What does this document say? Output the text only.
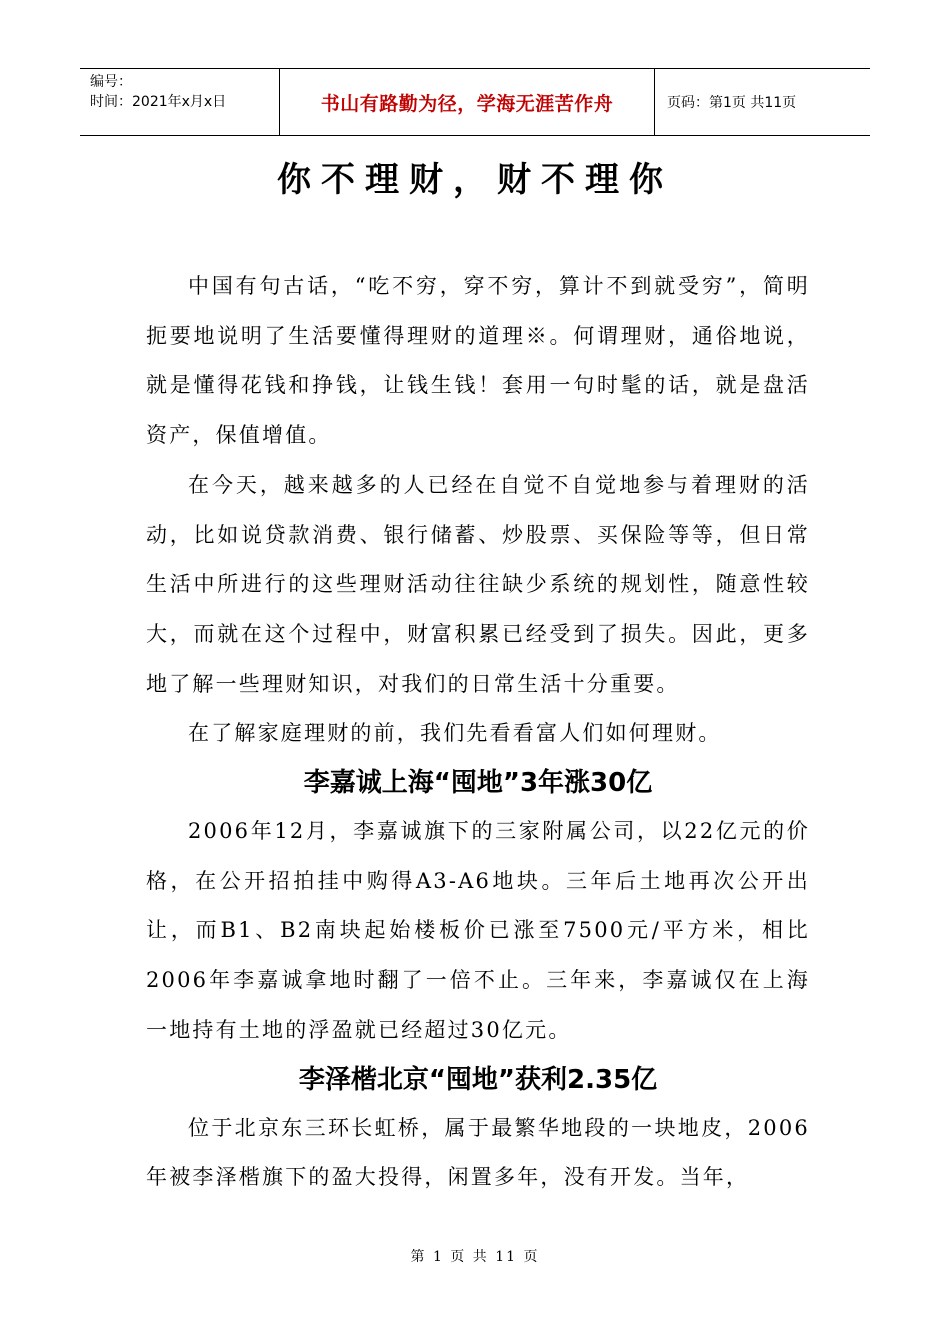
编号：
时间：2021年x月x日	书山有路勤为径，学海无涯苦作舟	页码：第1页 共11页
你不理财，财不理你

中国有句古话，“吃不穷，穿不穷，算计不到就受穷”，简明扼要地说明了生活要懂得理财的道理※。何谓理财，通俗地说，就是懂得花钱和挣钱，让钱生钱！套用一句时髦的话，就是盘活资产，保值增值。

在今天，越来越多的人已经在自觉不自觉地参与着理财的活动，比如说贷款消费、银行储蓄、炒股票、买保险等等，但日常生活中所进行的这些理财活动往往缺少系统的规划性，随意性较大，而就在这个过程中，财富积累已经受到了损失。因此，更多地了解一些理财知识，对我们的日常生活十分重要。

在了解家庭理财的前，我们先看看富人们如何理财。

李嘉诚上海“囤地”3年涨30亿

2006年12月，李嘉诚旗下的三家附属公司，以22亿元的价格，在公开招拍挂中购得A3-A6地块。三年后土地再次公开出让，而B1、B2南块起始楼板价已涨至7500元/平方米，相比2006年李嘉诚拿地时翻了一倍不止。三年来，李嘉诚仅在上海一地持有土地的浮盈就已经超过30亿元。

李泽楷北京“囤地”获利2.35亿

位于北京东三环长虹桥，属于最繁华地段的一块地皮，2006年被李泽楷旗下的盈大投得，闲置多年，没有开发。当年，

第 1 页 共 11 页
